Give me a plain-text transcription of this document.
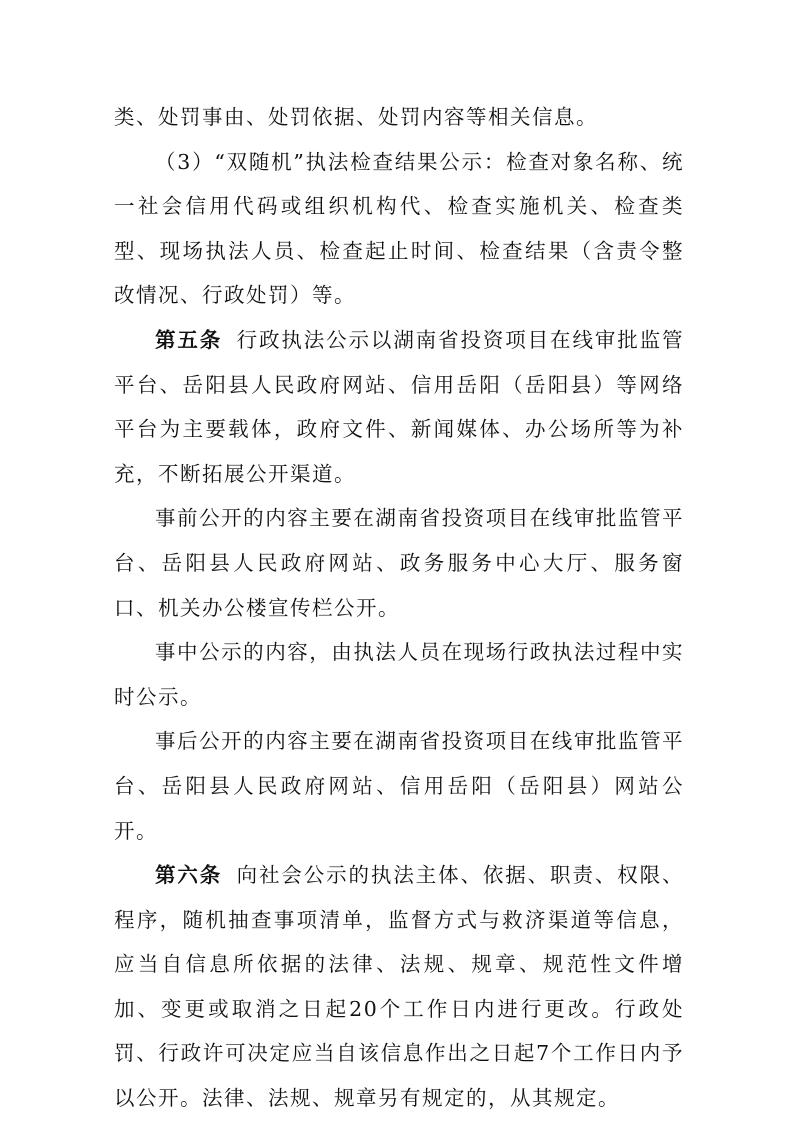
类、处罚事由、处罚依据、处罚内容等相关信息。

（3）“双随机”执法检查结果公示：检查对象名称、统一社会信用代码或组织机构代、检查实施机关、检查类型、现场执法人员、检查起止时间、检查结果（含责令整改情况、行政处罚）等。

第五条 行政执法公示以湖南省投资项目在线审批监管平台、岳阳县人民政府网站、信用岳阳（岳阳县）等网络平台为主要载体，政府文件、新闻媒体、办公场所等为补充，不断拓展公开渠道。

事前公开的内容主要在湖南省投资项目在线审批监管平台、岳阳县人民政府网站、政务服务中心大厅、服务窗口、机关办公楼宣传栏公开。

事中公示的内容，由执法人员在现场行政执法过程中实时公示。

事后公开的内容主要在湖南省投资项目在线审批监管平台、岳阳县人民政府网站、信用岳阳（岳阳县）网站公开。

第六条 向社会公示的执法主体、依据、职责、权限、程序，随机抽查事项清单，监督方式与救济渠道等信息，应当自信息所依据的法律、法规、规章、规范性文件增加、变更或取消之日起20个工作日内进行更改。行政处罚、行政许可决定应当自该信息作出之日起7个工作日内予以公开。法律、法规、规章另有规定的，从其规定。
